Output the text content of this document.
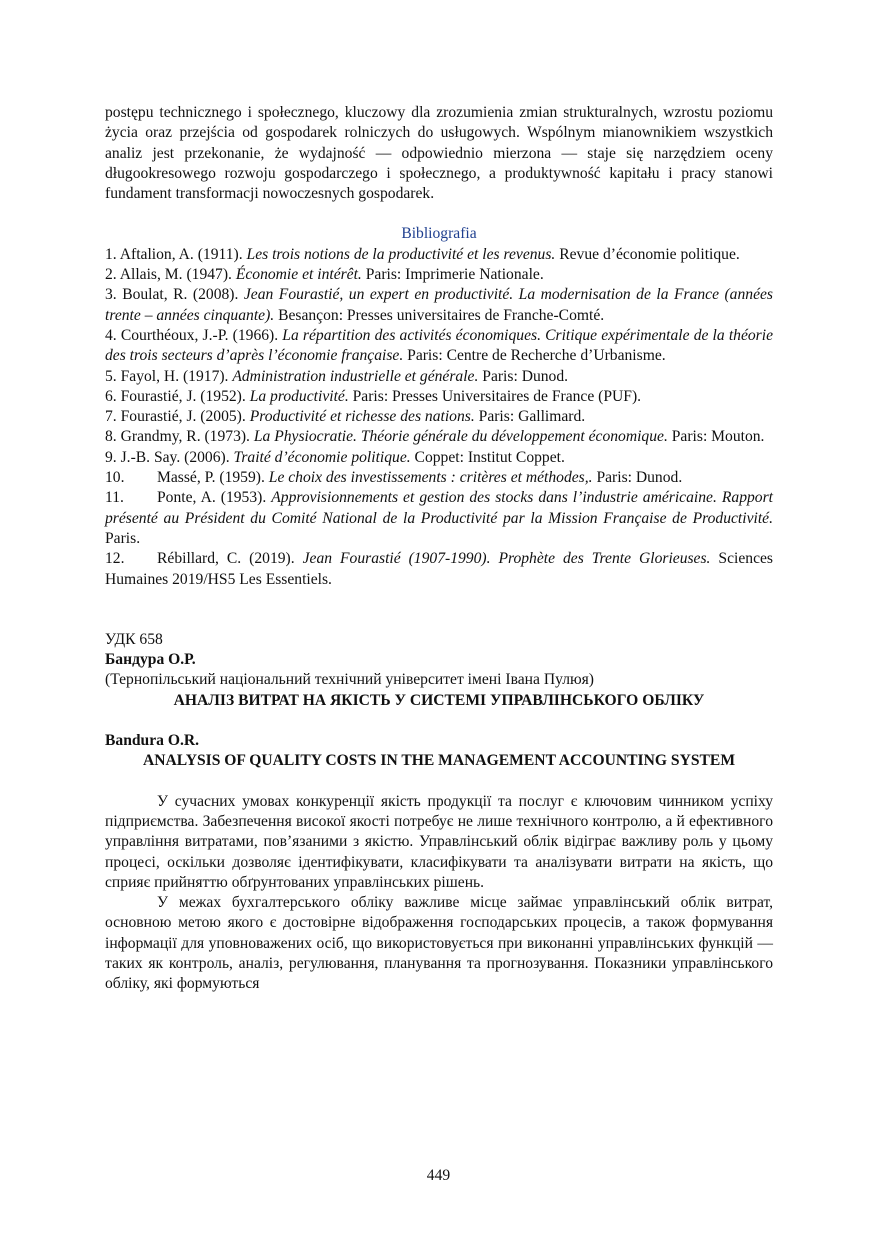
postępu technicznego i społecznego, kluczowy dla zrozumienia zmian strukturalnych, wzrostu poziomu życia oraz przejścia od gospodarek rolniczych do usługowych. Wspólnym mianownikiem wszystkich analiz jest przekonanie, że wydajność — odpowiednio mierzona — staje się narzędziem oceny długookresowego rozwoju gospodarczego i społecznego, a produktywność kapitału i pracy stanowi fundament transformacji nowoczesnych gospodarek.

Bibliografia

1. Aftalion, A. (1911). Les trois notions de la productivité et les revenus. Revue d’économie politique.

2. Allais, M. (1947). Économie et intérêt. Paris: Imprimerie Nationale.

3. Boulat, R. (2008). Jean Fourastié, un expert en productivité. La modernisation de la France (années trente – années cinquante). Besançon: Presses universitaires de Franche-Comté.

4. Courthéoux, J.-P. (1966). La répartition des activités économiques. Critique expérimentale de la théorie des trois secteurs d’après l’économie française. Paris: Centre de Recherche d’Urbanisme.

5. Fayol, H. (1917). Administration industrielle et générale. Paris: Dunod.

6. Fourastié, J. (1952). La productivité. Paris: Presses Universitaires de France (PUF).

7. Fourastié, J. (2005). Productivité et richesse des nations. Paris: Gallimard.

8. Grandmy, R. (1973). La Physiocratie. Théorie générale du développement économique. Paris: Mouton.

9. J.-B. Say. (2006). Traité d’économie politique. Coppet: Institut Coppet.

10. Massé, P. (1959). Le choix des investissements : critères et méthodes,. Paris: Dunod.

11. Ponte, A. (1953). Approvisionnements et gestion des stocks dans l’industrie américaine. Rapport présenté au Président du Comité National de la Productivité par la Mission Française de Productivité. Paris.

12. Rébillard, C. (2019). Jean Fourastié (1907-1990). Prophète des Trente Glorieuses. Sciences Humaines 2019/HS5 Les Essentiels.

УДК 658

Бандура О.Р.

(Тернопільський національний технічний університет імені Івана Пулюя)

АНАЛІЗ ВИТРАТ НА ЯКІСТЬ У СИСТЕМІ УПРАВЛІНСЬКОГО ОБЛІКУ

Bandura O.R.

ANALYSIS OF QUALITY COSTS IN THE MANAGEMENT ACCOUNTING SYSTEM

У сучасних умовах конкуренції якість продукції та послуг є ключовим чинником успіху підприємства. Забезпечення високої якості потребує не лише технічного контролю, а й ефективного управління витратами, пов’язаними з якістю. Управлінський облік відіграє важливу роль у цьому процесі, оскільки дозволяє ідентифікувати, класифікувати та аналізувати витрати на якість, що сприяє прийняттю обґрунтованих управлінських рішень.

У межах бухгалтерського обліку важливе місце займає управлінський облік витрат, основною метою якого є достовірне відображення господарських процесів, а також формування інформації для уповноважених осіб, що використовується при виконанні управлінських функцій — таких як контроль, аналіз, регулювання, планування та прогнозування. Показники управлінського обліку, які формуються

449
